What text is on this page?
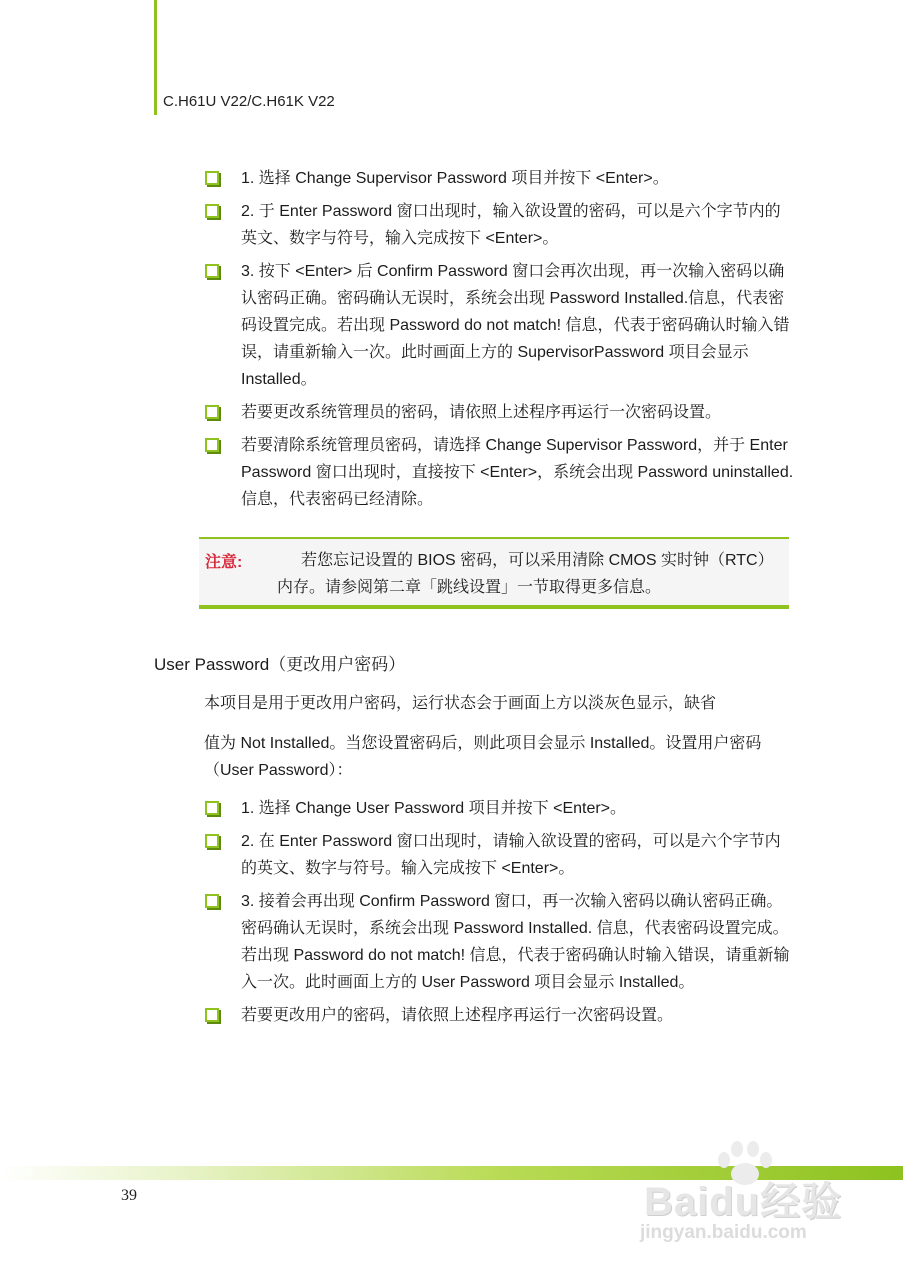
C.H61U V22/C.H61K V22
1. 选择 Change Supervisor Password 项目并按下 <Enter>。
2. 于 Enter Password 窗口出现时，输入欲设置的密码，可以是六个字节内的英文、数字与符号，输入完成按下 <Enter>。
3. 按下 <Enter> 后 Confirm Password 窗口会再次出现，再一次输入密码以确认密码正确。密码确认无误时，系统会出现 Password Installed.信息，代表密码设置完成。若出现 Password do not match! 信息，代表于密码确认时输入错误，请重新输入一次。此时画面上方的 SupervisorPassword 项目会显示 Installed。
若要更改系统管理员的密码，请依照上述程序再运行一次密码设置。
若要清除系统管理员密码，请选择 Change Supervisor Password，并于 Enter Password 窗口出现时，直接按下 <Enter>，系统会出现 Password uninstalled. 信息，代表密码已经清除。
注意:	若您忘记设置的 BIOS 密码，可以采用清除 CMOS 实时钟（RTC）内存。请参阅第二章「跳线设置」一节取得更多信息。
User Password（更改用户密码）

本项目是用于更改用户密码，运行状态会于画面上方以淡灰色显示，缺省

值为 Not Installed。当您设置密码后，则此项目会显示 Installed。设置用户密码（User Password）：

1. 选择 Change User Password 项目并按下 <Enter>。
2. 在 Enter Password 窗口出现时，请输入欲设置的密码，可以是六个字节内的英文、数字与符号。输入完成按下 <Enter>。
3. 接着会再出现 Confirm Password 窗口，再一次输入密码以确认密码正确。密码确认无误时，系统会出现 Password Installed. 信息，代表密码设置完成。若出现 Password do not match! 信息，代表于密码确认时输入错误，请重新输入一次。此时画面上方的 User Password 项目会显示 Installed。
若要更改用户的密码，请依照上述程序再运行一次密码设置。
39	Baidu经验
jingyan.baidu.com
